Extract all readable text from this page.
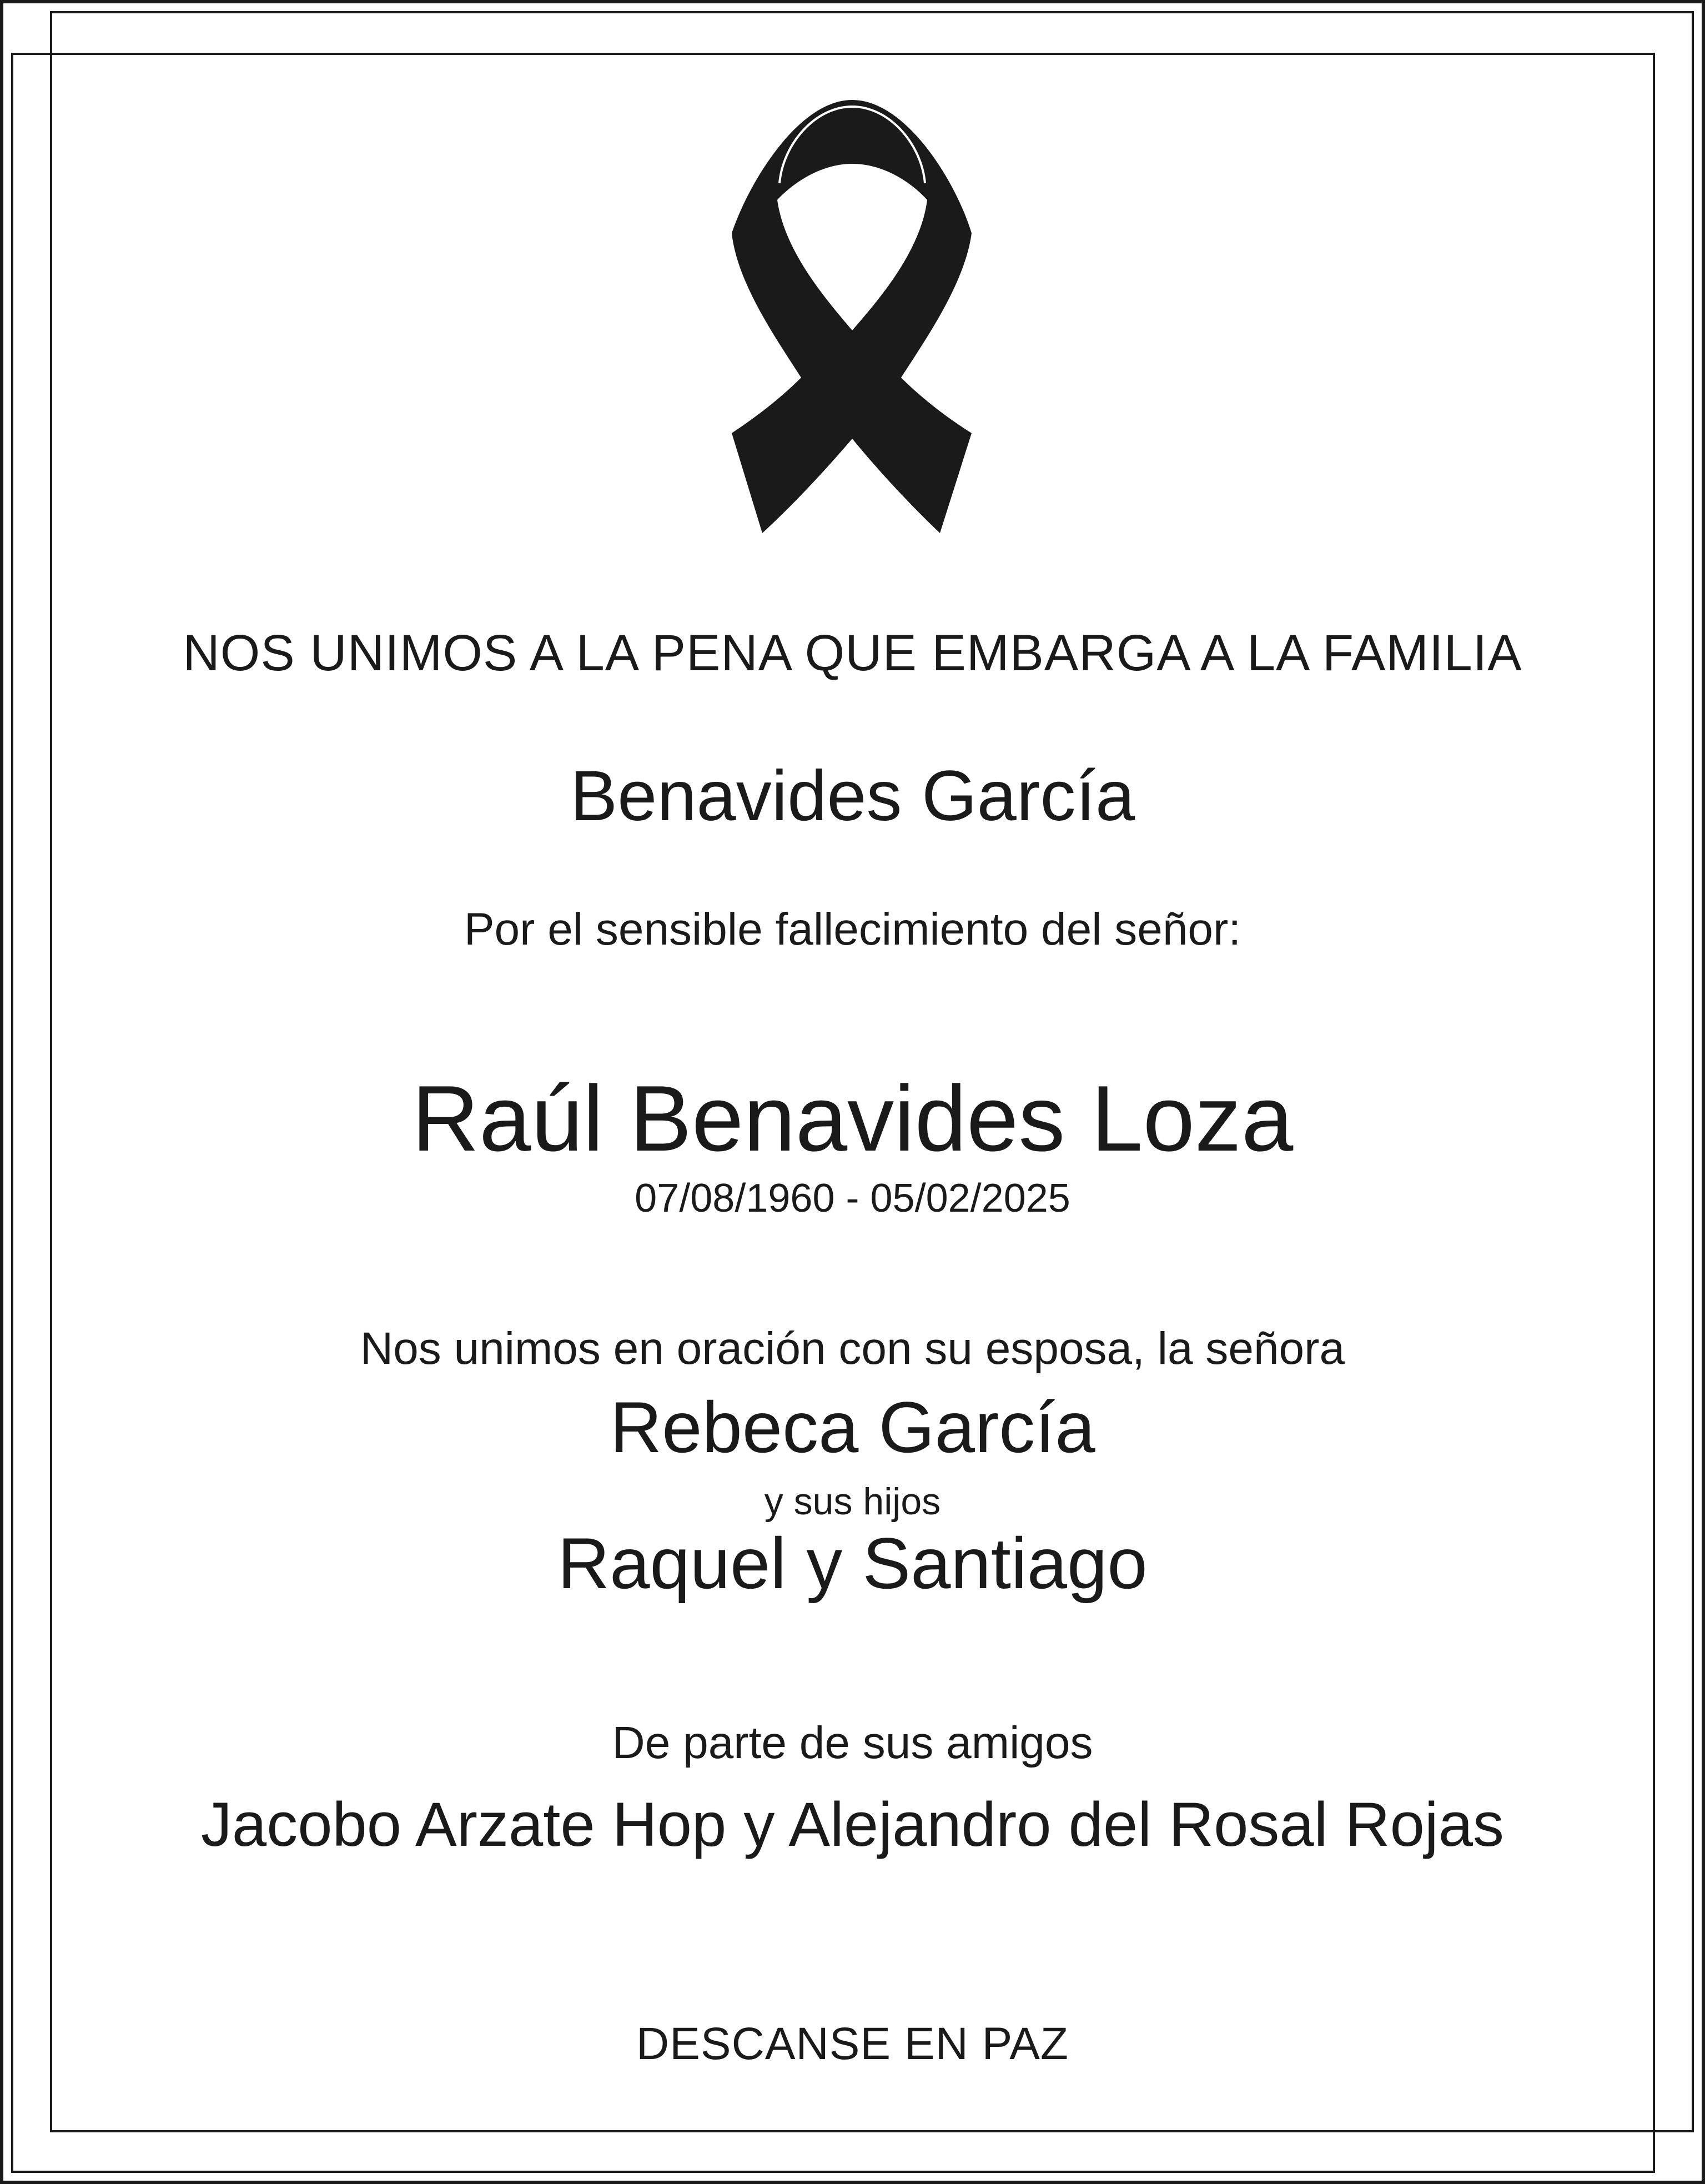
NOS UNIMOS A LA PENA QUE EMBARGA A LA FAMILIA
Benavides García
Por el sensible fallecimiento del señor:
Raúl Benavides Loza
07/08/1960 - 05/02/2025
Nos unimos en oración con su esposa, la señora
Rebeca García
y sus hijos
Raquel y Santiago
De parte de sus amigos
Jacobo Arzate Hop y Alejandro del Rosal Rojas
DESCANSE EN PAZ
